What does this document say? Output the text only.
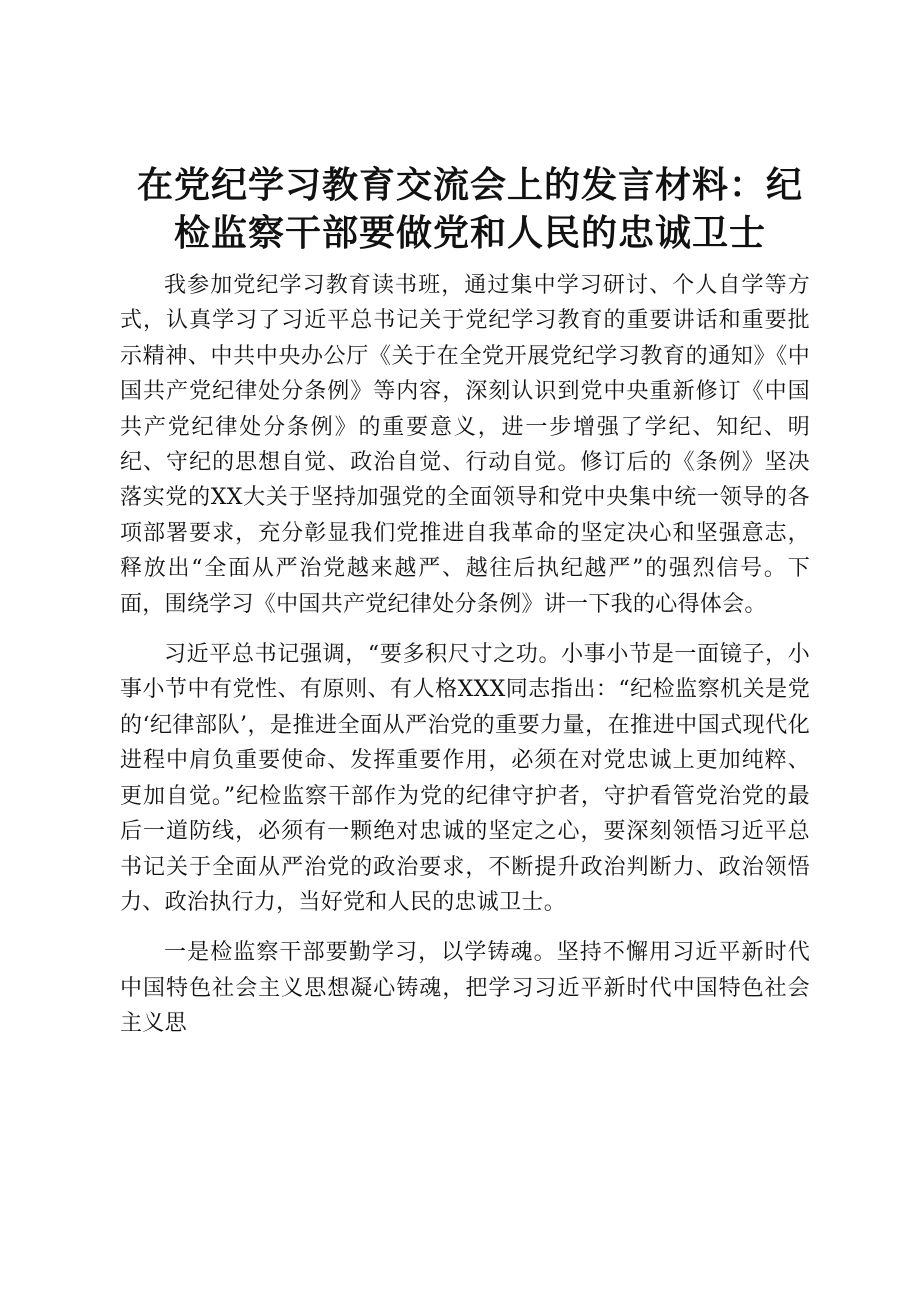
在党纪学习教育交流会上的发言材料：纪检监察干部要做党和人民的忠诚卫士

我参加党纪学习教育读书班，通过集中学习研讨、个人自学等方式，认真学习了习近平总书记关于党纪学习教育的重要讲话和重要批示精神、中共中央办公厅《关于在全党开展党纪学习教育的通知》《中国共产党纪律处分条例》等内容，深刻认识到党中央重新修订《中国共产党纪律处分条例》的重要意义，进一步增强了学纪、知纪、明纪、守纪的思想自觉、政治自觉、行动自觉。修订后的《条例》坚决落实党的XX大关于坚持加强党的全面领导和党中央集中统一领导的各项部署要求，充分彰显我们党推进自我革命的坚定决心和坚强意志，释放出“全面从严治党越来越严、越往后执纪越严”的强烈信号。下面，围绕学习《中国共产党纪律处分条例》讲一下我的心得体会。

习近平总书记强调，“要多积尺寸之功。小事小节是一面镜子，小事小节中有党性、有原则、有人格XXX同志指出：“纪检监察机关是党的‘纪律部队’，是推进全面从严治党的重要力量，在推进中国式现代化进程中肩负重要使命、发挥重要作用，必须在对党忠诚上更加纯粹、更加自觉。”纪检监察干部作为党的纪律守护者，守护看管党治党的最后一道防线，必须有一颗绝对忠诚的坚定之心，要深刻领悟习近平总书记关于全面从严治党的政治要求，不断提升政治判断力、政治领悟力、政治执行力，当好党和人民的忠诚卫士。

一是检监察干部要勤学习，以学铸魂。坚持不懈用习近平新时代中国特色社会主义思想凝心铸魂，把学习习近平新时代中国特色社会主义思
